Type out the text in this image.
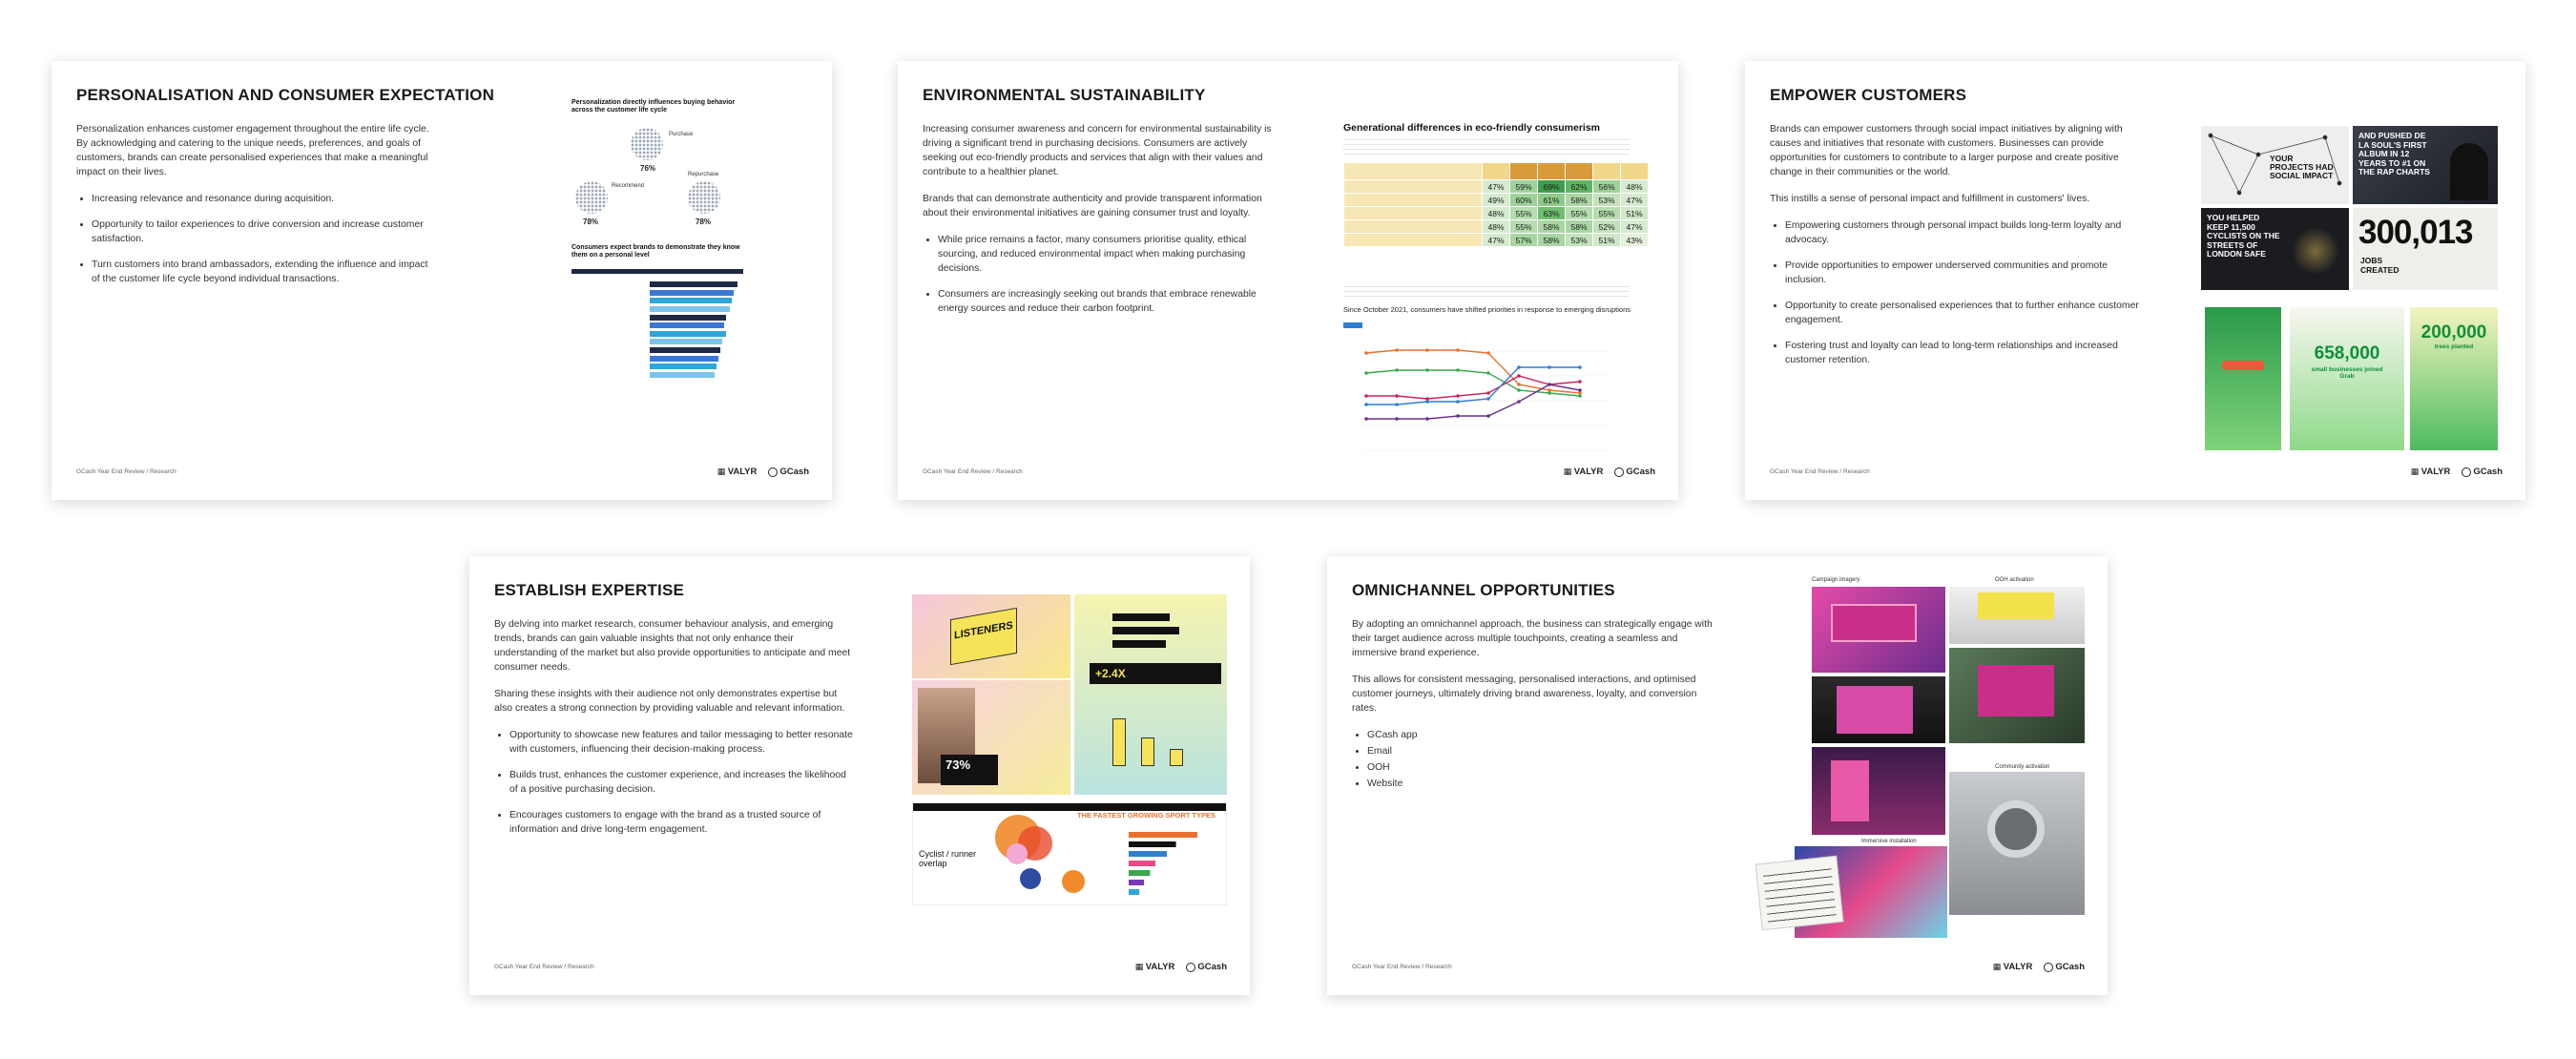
PERSONALISATION AND CONSUMER EXPECTATION

Personalization enhances customer engagement throughout the entire life cycle. By acknowledging and catering to the unique needs, preferences, and goals of customers, brands can create personalised experiences that make a meaningful impact on their lives.

• Increasing relevance and resonance during acquisition.
• Opportunity to tailor experiences to drive conversion and increase customer satisfaction.
• Turn customers into brand ambassadors, extending the influence and impact of the customer life cycle beyond individual transactions.
Personalization directly influences buying behavior across the customer life cycle
Purchase
76%
Recommend
78%
Repurchase
78%
Consumers expect brands to demonstrate they know them on a personal level
GCash Year End Review / Research	▦ VALYR	GCash
ENVIRONMENTAL SUSTAINABILITY

Increasing consumer awareness and concern for environmental sustainability is driving a significant trend in purchasing decisions. Consumers are actively seeking out eco-friendly products and services that align with their values and contribute to a healthier planet.

Brands that can demonstrate authenticity and provide transparent information about their environmental initiatives are gaining consumer trust and loyalty.

• While price remains a factor, many consumers prioritise quality, ethical sourcing, and reduced environmental impact when making purchasing decisions.
• Consumers are increasingly seeking out brands that embrace renewable energy sources and reduce their carbon footprint.
Generational differences in eco-friendly consumerism

	47%	59%	69%	62%	56%	48%
	49%	60%	61%	58%	53%	47%
	48%	55%	63%	55%	55%	51%
	48%	55%	58%	58%	52%	47%
	47%	57%	58%	53%	51%	43%
Since October 2021, consumers have shifted priorities in response to emerging disruptions
GCash Year End Review / Research	▦ VALYR	GCash
EMPOWER CUSTOMERS

Brands can empower customers through social impact initiatives by aligning with causes and initiatives that resonate with customers. Businesses can provide opportunities for customers to contribute to a larger purpose and create positive change in their communities or the world.

This instills a sense of personal impact and fulfillment in customers' lives.

• Empowering customers through personal impact builds long-term loyalty and advocacy.
• Provide opportunities to empower underserved communities and promote inclusion.
• Opportunity to create personalised experiences that to further enhance customer engagement.
• Fostering trust and loyalty can lead to long-term relationships and increased customer retention.
YOUR PROJECTS HAD SOCIAL IMPACT
AND PUSHED DE LA SOUL'S FIRST ALBUM IN 12 YEARS TO #1 ON THE RAP CHARTS
YOU HELPED KEEP 11,500 CYCLISTS ON THE STREETS OF LONDON SAFE
300,013
JOBS CREATED
658,000
small businesses joined Grab
200,000
trees planted
GCash Year End Review / Research	▦ VALYR	GCash
ESTABLISH EXPERTISE

By delving into market research, consumer behaviour analysis, and emerging trends, brands can gain valuable insights that not only enhance their understanding of the market but also provide opportunities to anticipate and meet consumer needs.

Sharing these insights with their audience not only demonstrates expertise but also creates a strong connection by providing valuable and relevant information.

• Opportunity to showcase new features and tailor messaging to better resonate with customers, influencing their decision-making process.
• Builds trust, enhances the customer experience, and increases the likelihood of a positive purchasing decision.
• Encourages customers to engage with the brand as a trusted source of information and drive long-term engagement.
LISTENERS
+2.4X
73%
Cyclist / runner overlap
THE FASTEST GROWING SPORT TYPES
GCash Year End Review / Research	▦ VALYR	GCash
OMNICHANNEL OPPORTUNITIES

By adopting an omnichannel approach, the business can strategically engage with their target audience across multiple touchpoints, creating a seamless and immersive brand experience.

This allows for consistent messaging, personalised interactions, and optimised customer journeys, ultimately driving brand awareness, loyalty, and conversion rates.

• GCash app
• Email
• OOH
• Website
Campaign imagery	OOH activation
Community activation
Immersive installation
GCash Year End Review / Research	▦ VALYR	GCash
